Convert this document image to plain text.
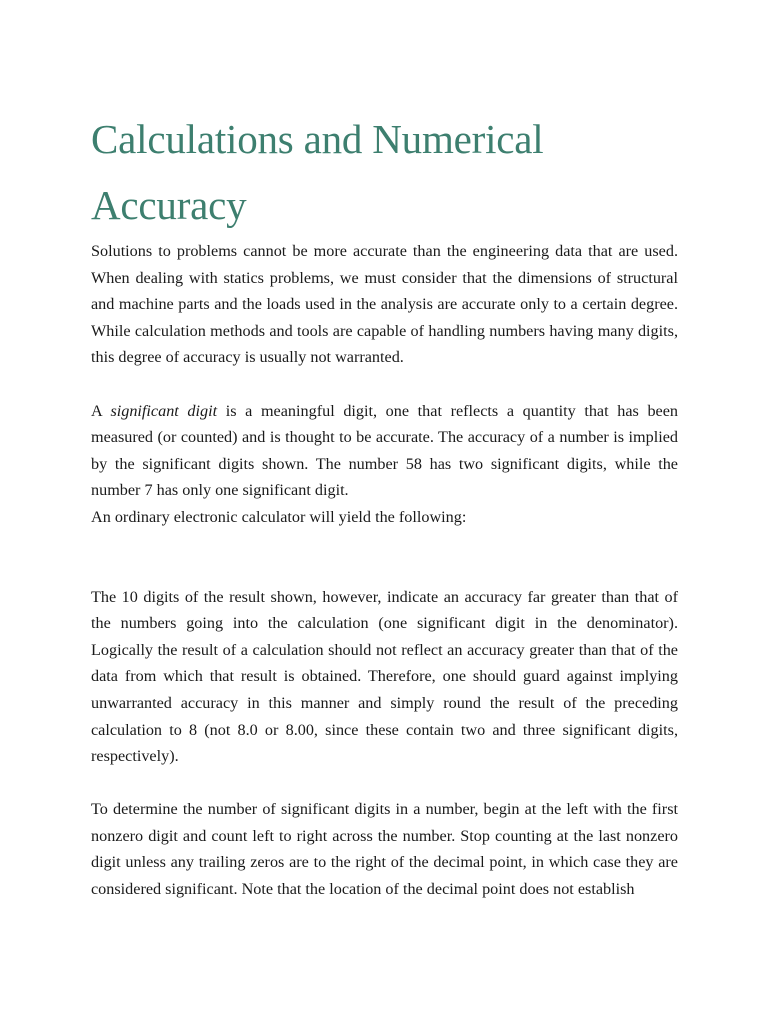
Calculations and Numerical Accuracy

Solutions to problems cannot be more accurate than the engineering data that are used. When dealing with statics problems, we must consider that the dimensions of structural and machine parts and the loads used in the analysis are accurate only to a certain degree. While calculation methods and tools are capable of handling numbers having many digits, this degree of accuracy is usually not warranted.

A significant digit is a meaningful digit, one that reflects a quantity that has been measured (or counted) and is thought to be accurate. The accuracy of a number is implied by the significant digits shown. The number 58 has two significant digits, while the number 7 has only one significant digit.

An ordinary electronic calculator will yield the following:

The 10 digits of the result shown, however, indicate an accuracy far greater than that of the numbers going into the calculation (one significant digit in the denominator). Logically the result of a calculation should not reflect an accuracy greater than that of the data from which that result is obtained. Therefore, one should guard against implying unwarranted accuracy in this manner and simply round the result of the preceding calculation to 8 (not 8.0 or 8.00, since these contain two and three significant digits, respectively).

To determine the number of significant digits in a number, begin at the left with the first nonzero digit and count left to right across the number. Stop counting at the last nonzero digit unless any trailing zeros are to the right of the decimal point, in which case they are considered significant. Note that the location of the decimal point does not establish
